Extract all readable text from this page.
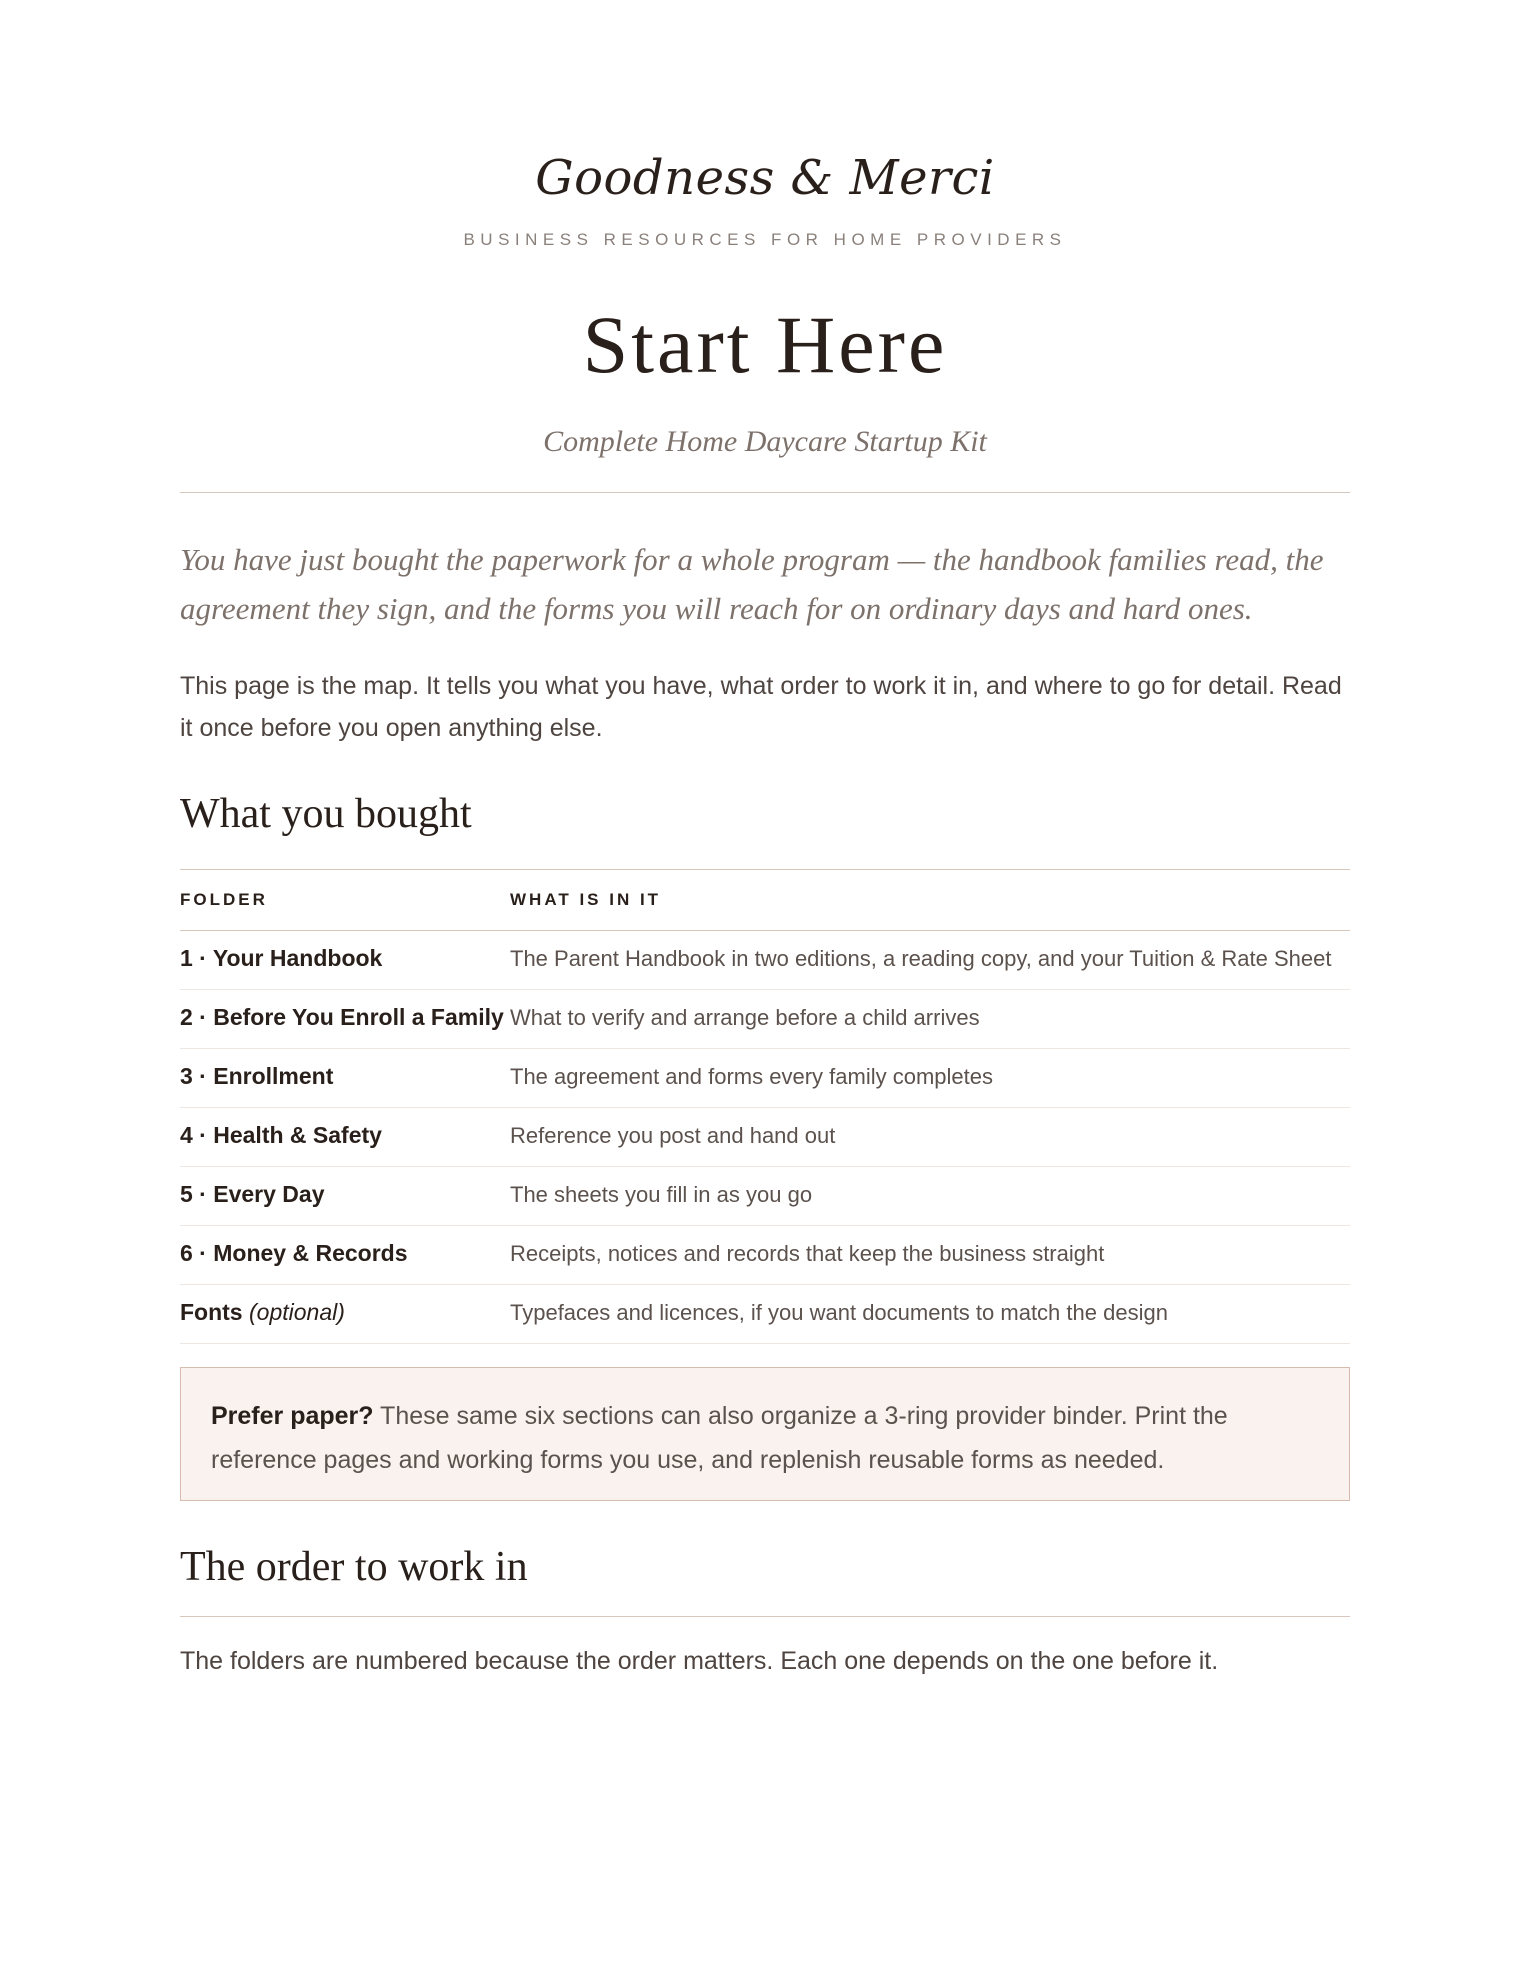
Goodness & Merci
BUSINESS RESOURCES FOR HOME PROVIDERS
Start Here
Complete Home Daycare Startup Kit
You have just bought the paperwork for a whole program — the handbook families read, the agreement they sign, and the forms you will reach for on ordinary days and hard ones.
This page is the map. It tells you what you have, what order to work it in, and where to go for detail. Read it once before you open anything else.
What you bought
FOLDER	WHAT IS IN IT
1 · Your Handbook	The Parent Handbook in two editions, a reading copy, and your Tuition & Rate Sheet
2 · Before You Enroll a Family What to verify and arrange before a child arrives
3 · Enrollment	The agreement and forms every family completes
4 · Health & Safety	Reference you post and hand out
5 · Every Day	The sheets you fill in as you go
6 · Money & Records	Receipts, notices and records that keep the business straight
Fonts (optional)	Typefaces and licences, if you want documents to match the design
Prefer paper? These same six sections can also organize a 3-ring provider binder. Print the reference pages and working forms you use, and replenish reusable forms as needed.
The order to work in
The folders are numbered because the order matters. Each one depends on the one before it.
